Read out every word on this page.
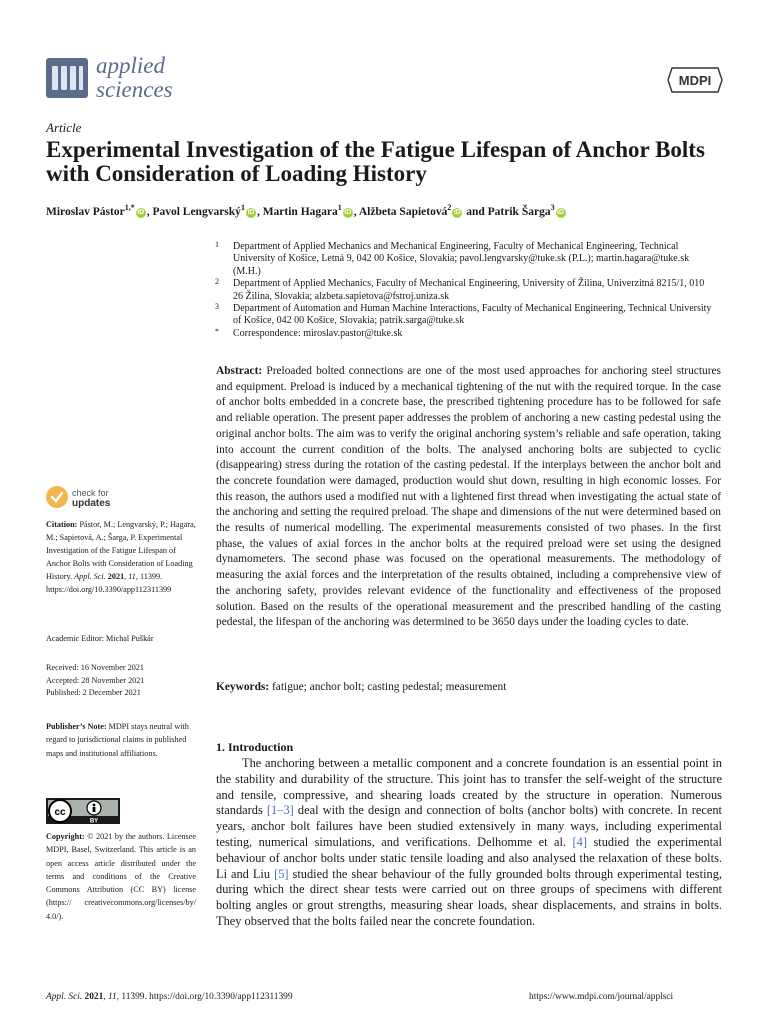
applied
sciences	MDPI
Article
Experimental Investigation of the Fatigue Lifespan of Anchor Bolts with Consideration of Loading History
Miroslav Pástor$^{1,*}$iD , Pavol Lengvarský$^1$iD , Martin Hagara$^1$iD , Alžbeta Sapietová$^2$iD and Patrik Šarga$^3$iD
1 Department of Applied Mechanics and Mechanical Engineering, Faculty of Mechanical Engineering, Technical University of Košice, Letná 9, 042 00 Košice, Slovakia; pavol.lengvarsky@tuke.sk (P.L.); martin.hagara@tuke.sk (M.H.)
2 Department of Applied Mechanics, Faculty of Mechanical Engineering, University of Žilina, Univerzitná 8215/1, 010 26 Žilina, Slovakia; alzbeta.sapietova@fstroj.uniza.sk
3 Department of Automation and Human Machine Interactions, Faculty of Mechanical Engineering, Technical University of Košice, 042 00 Košice, Slovakia; patrik.sarga@tuke.sk
* Correspondence: miroslav.pastor@tuke.sk
Abstract: Preloaded bolted connections are one of the most used approaches for anchoring steel structures and equipment. Preload is induced by a mechanical tightening of the nut with the required torque. In the case of anchor bolts embedded in a concrete base, the prescribed tightening procedure has to be followed for safe and reliable operation. The present paper addresses the problem of anchoring a new casting pedestal using the original anchor bolts. The aim was to verify the original anchoring system’s reliable and safe operation, taking into account the current condition of the bolts. The analysed anchoring bolts are subjected to cyclic (disappearing) stress during the rotation of the casting pedestal. If the interplays between the anchor bolt and the concrete foundation were damaged, production would shut down, resulting in high economic losses. For this reason, the authors used a modified nut with a lightened first thread when investigating the actual state of the anchoring and setting the required preload. The shape and dimensions of the nut were determined based on the results of numerical modelling. The experimental measurements consisted of two phases. In the first phase, the values of axial forces in the anchor bolts at the required preload were set using the designed dynamometers. The second phase was focused on the operational measurements. The methodology of measuring the axial forces and the interpretation of the results obtained, including a comprehensive view of the anchoring safety, provides relevant evidence of the functionality and effectiveness of the proposed solution. Based on the results of the operational measurement and the prescribed handling of the casting pedestal, the lifespan of the anchoring was determined to be 3650 days under the loading cycles to date.
Keywords: fatigue; anchor bolt; casting pedestal; measurement
check for
updates
Citation: Pástor, M.; Lengvarský, P.; Hagara, M.; Sapietová, A.; Šarga, P. Experimental Investigation of the Fatigue Lifespan of Anchor Bolts with Consideration of Loading History. Appl. Sci. 2021, 11, 11399. https://doi.org/10.3390/app112311399
Academic Editor: Michal Puškár
Received: 16 November 2021
Accepted: 28 November 2021
Published: 2 December 2021
Publisher’s Note: MDPI stays neutral with regard to jurisdictional claims in published maps and institutional affiliations.
cc
BY
Copyright: © 2021 by the authors. Licensee MDPI, Basel, Switzerland. This article is an open access article distributed under the terms and conditions of the Creative Commons Attribution (CC BY) license (https:// creativecommons.org/licenses/by/ 4.0/).
1. Introduction
The anchoring between a metallic component and a concrete foundation is an essential point in the stability and durability of the structure. This joint has to transfer the self-weight of the structure and tensile, compressive, and shearing loads created by the structure in operation. Numerous standards [1–3] deal with the design and connection of bolts (anchor bolts) with concrete. In recent years, anchor bolt failures have been studied extensively in many ways, including experimental testing, numerical simulations, and verifications. Delhomme et al. [4] studied the experimental behaviour of anchor bolts under static tensile loading and also analysed the relaxation of these bolts. Li and Liu [5] studied the shear behaviour of the fully grounded bolts through experimental testing, during which the direct shear tests were carried out on three groups of specimens with different bolting angles or grout strengths, measuring shear loads, shear displacements, and strains in bolts. They observed that the bolts failed near the concrete foundation.
Appl. Sci. 2021, 11, 11399. https://doi.org/10.3390/app112311399	https://www.mdpi.com/journal/applsci
